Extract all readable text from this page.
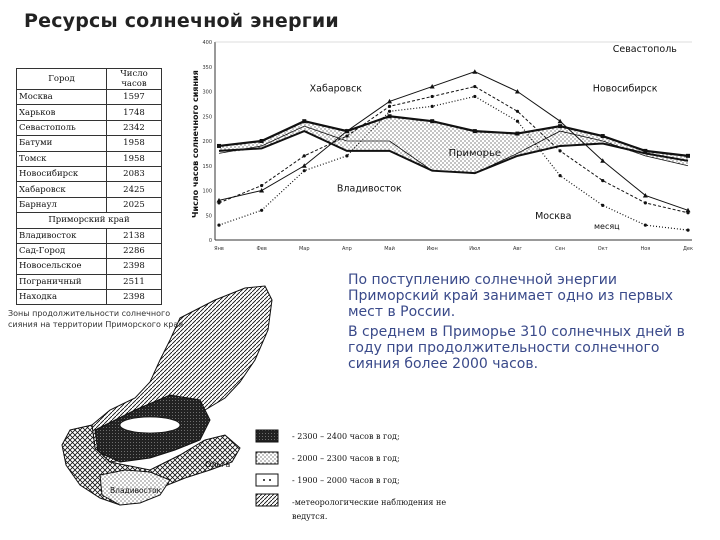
Ресурсы солнечной энергии
Город	Число часов
Москва	1597
Харьков	1748
Севастополь	2342
Батуми	1958
Томск	1958
Новосибирск	2083
Хабаровск	2425
Барнаул	2025
Приморский край	
Владивосток	2138
Сад-Город	2286
Новосельское	2398
Пограничный	2511
Находка	2398
Число часов солнечного сияния
0
50
100
150
200
250
300
350
400
Янв	Фев	Мар	Апр	Май	Июн	Июл	Авг	Сен	Окт	Ноя	Дек
Севастополь
Хабаровск	Новосибирск
Приморье
Владивосток
Москва
месяц
Ольга
Владивосток
Зоны продолжительности солнечного сияния на территории Приморского края

По поступлению солнечной энергии Приморский край занимает одно из первых мест в России.

В среднем в Приморье 310 солнечных дней в году при продолжительности солнечного сияния более 2000 часов.

- 2300 – 2400 часов в год;
- 2000 – 2300 часов в год;
- 1900 – 2000 часов в год;
-метеорологические наблюдения не ведутся.
